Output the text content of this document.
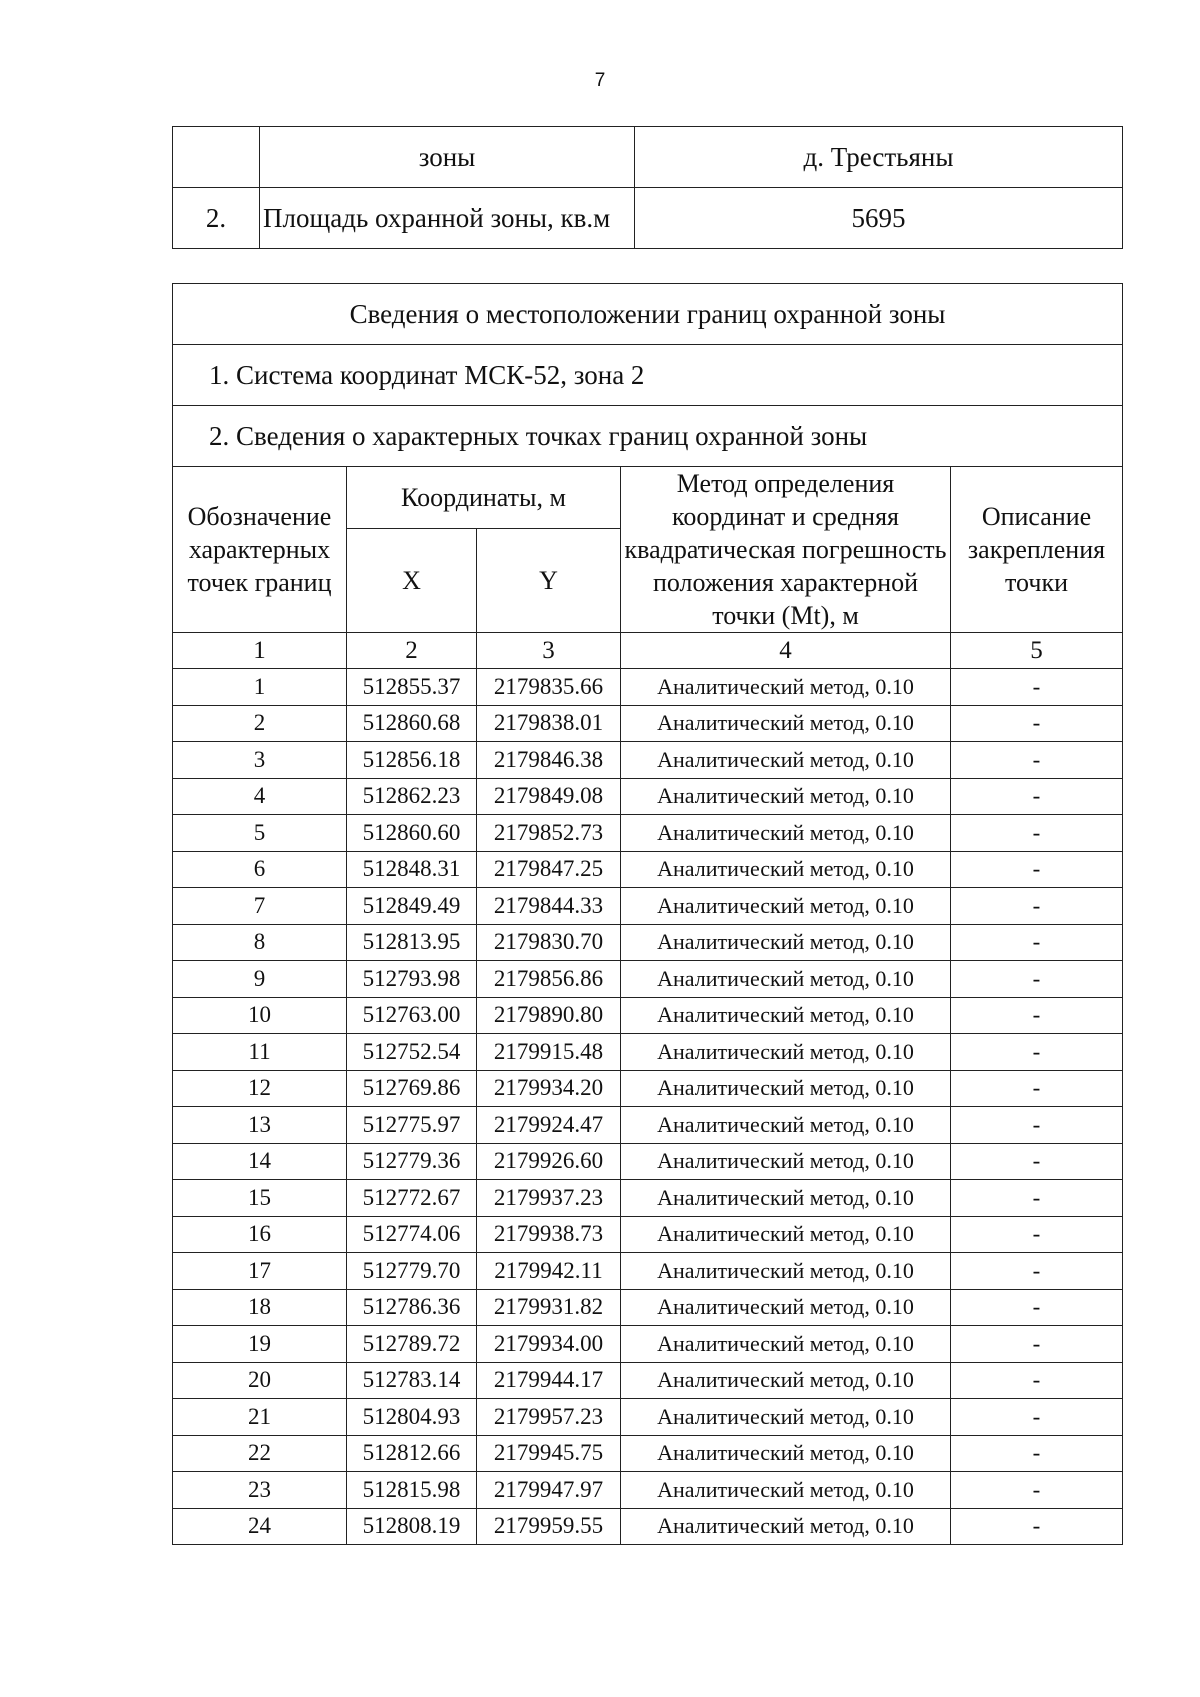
7
	зоны	д. Трестьяны
2.	Площадь охранной зоны, кв.м	5695
Сведения о местоположении границ охранной зоны				
1. Система координат МСК-52, зона 2				
2. Сведения о характерных точках границ охранной зоны				
Обозначение характерных точек границ	Координаты, м		Метод определения координат и средняя квадратическая погрешность положения характерной точки (Mt), м	Описание закрепления точки
	X	Y		
1	2	3	4	5
1	512855.37	2179835.66	Аналитический метод, 0.10	-
2	512860.68	2179838.01	Аналитический метод, 0.10	-
3	512856.18	2179846.38	Аналитический метод, 0.10	-
4	512862.23	2179849.08	Аналитический метод, 0.10	-
5	512860.60	2179852.73	Аналитический метод, 0.10	-
6	512848.31	2179847.25	Аналитический метод, 0.10	-
7	512849.49	2179844.33	Аналитический метод, 0.10	-
8	512813.95	2179830.70	Аналитический метод, 0.10	-
9	512793.98	2179856.86	Аналитический метод, 0.10	-
10	512763.00	2179890.80	Аналитический метод, 0.10	-
11	512752.54	2179915.48	Аналитический метод, 0.10	-
12	512769.86	2179934.20	Аналитический метод, 0.10	-
13	512775.97	2179924.47	Аналитический метод, 0.10	-
14	512779.36	2179926.60	Аналитический метод, 0.10	-
15	512772.67	2179937.23	Аналитический метод, 0.10	-
16	512774.06	2179938.73	Аналитический метод, 0.10	-
17	512779.70	2179942.11	Аналитический метод, 0.10	-
18	512786.36	2179931.82	Аналитический метод, 0.10	-
19	512789.72	2179934.00	Аналитический метод, 0.10	-
20	512783.14	2179944.17	Аналитический метод, 0.10	-
21	512804.93	2179957.23	Аналитический метод, 0.10	-
22	512812.66	2179945.75	Аналитический метод, 0.10	-
23	512815.98	2179947.97	Аналитический метод, 0.10	-
24	512808.19	2179959.55	Аналитический метод, 0.10	-
